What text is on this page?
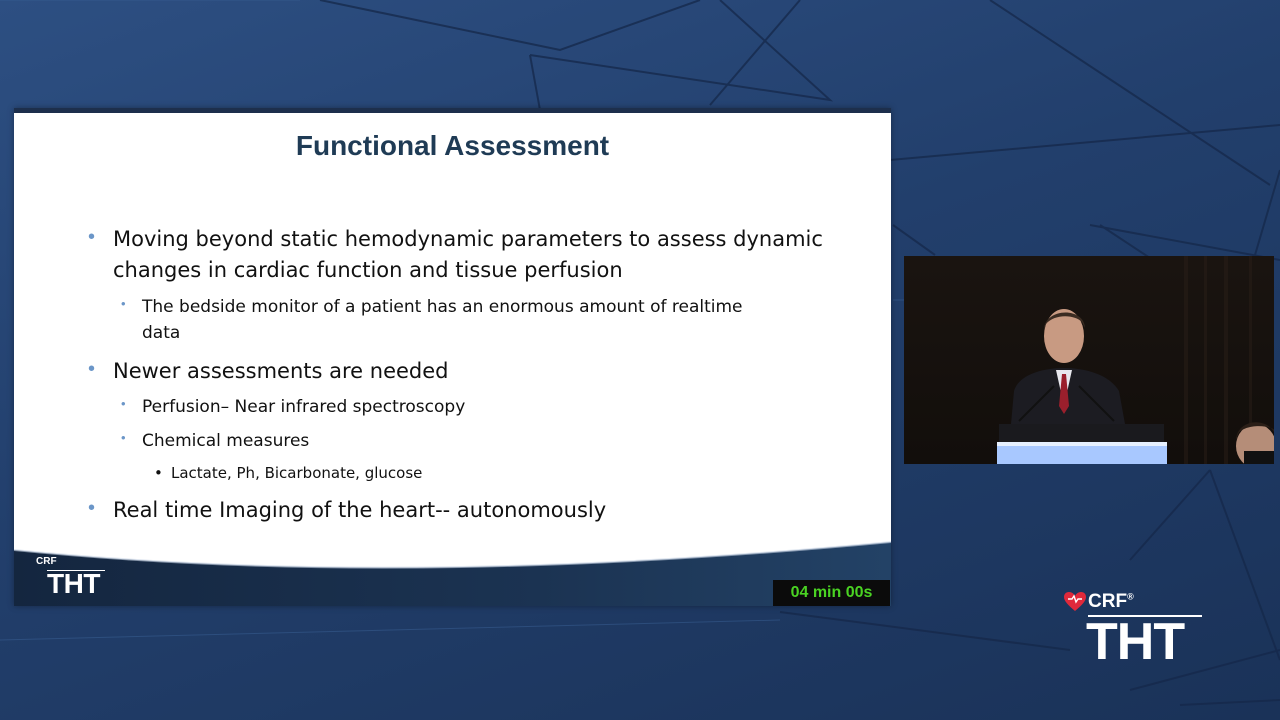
Functional Assessment
• Moving beyond static hemodynamic parameters to assess dynamic
changes in cardiac function and tissue perfusion
• The bedside monitor of a patient has an enormous amount of realtime
data
• Newer assessments are needed
• Perfusion– Near infrared spectroscopy
• Chemical measures
• Lactate, Ph, Bicarbonate, glucose
• Real time Imaging of the heart-- autonomously
CRF
THT	04 min 00s	CRF®
THT
